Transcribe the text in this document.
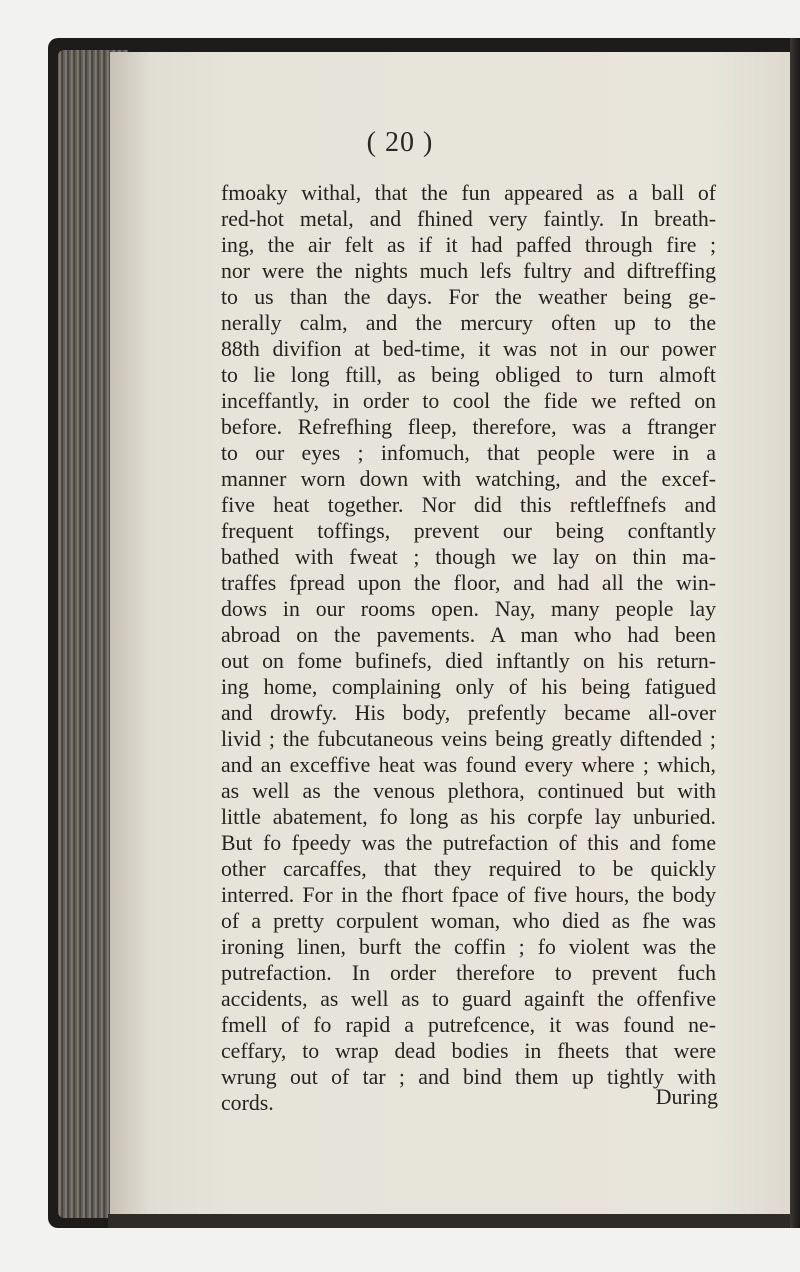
( 20 )
fmoaky withal, that the fun appeared as a ball of
red-hot metal, and fhined very faintly. In breath-
ing, the air felt as if it had paffed through fire ;
nor were the nights much lefs fultry and diftreffing
to us than the days. For the weather being ge-
nerally calm, and the mercury often up to the
88th divifion at bed-time, it was not in our power
to lie long ftill, as being obliged to turn almoft
inceffantly, in order to cool the fide we refted on
before. Refrefhing fleep, therefore, was a ftranger
to our eyes ; infomuch, that people were in a
manner worn down with watching, and the excef-
five heat together. Nor did this reftleffnefs and
frequent toffings, prevent our being conftantly
bathed with fweat ; though we lay on thin ma-
traffes fpread upon the floor, and had all the win-
dows in our rooms open. Nay, many people lay
abroad on the pavements. A man who had been
out on fome bufinefs, died inftantly on his return-
ing home, complaining only of his being fatigued
and drowfy. His body, prefently became all-over
livid ; the fubcutaneous veins being greatly diftended ;
and an exceffive heat was found every where ; which,
as well as the venous plethora, continued but with
little abatement, fo long as his corpfe lay unburied.
But fo fpeedy was the putrefaction of this and fome
other carcaffes, that they required to be quickly
interred. For in the fhort fpace of five hours, the body
of a pretty corpulent woman, who died as fhe was
ironing linen, burft the coffin ; fo violent was the
putrefaction. In order therefore to prevent fuch
accidents, as well as to guard againft the offenfive
fmell of fo rapid a putrefcence, it was found ne-
ceffary, to wrap dead bodies in fheets that were
wrung out of tar ; and bind them up tightly with
cords.	During
